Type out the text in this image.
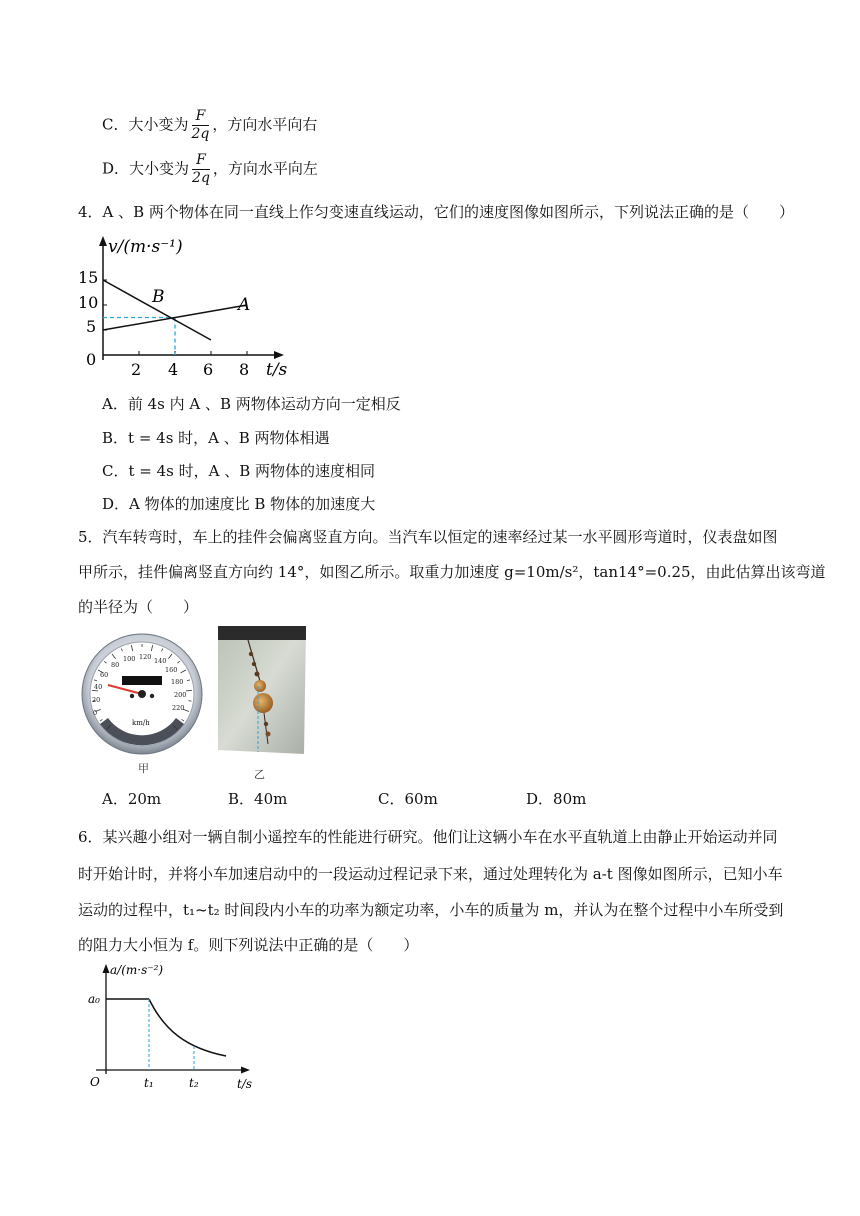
C．大小变为 $\frac{F}{2q}$ ，方向水平向右
D．大小变为 $\frac{F}{2q}$ ，方向水平向左
4．A 、B 两个物体在同一直线上作匀变速直线运动，它们的速度图像如图所示，下列说法正确的是（　　）
v/(m·s⁻¹)
t/s
0
15
10
5
2 4 6 8
B	A
A．前 4s 内 A 、B 两物体运动方向一定相反
B．t = 4s 时，A 、B 两物体相遇
C．t = 4s 时，A 、B 两物体的速度相同
D．A 物体的加速度比 B 物体的加速度大
5．汽车转弯时，车上的挂件会偏离竖直方向。当汽车以恒定的速率经过某一水平圆形弯道时，仪表盘如图
甲所示，挂件偏离竖直方向约 14°，如图乙所示。取重力加速度 g=10m/s²，tan14°=0.25，由此估算出该弯道
的半径为（　　）
km/h
0
20
40
60
80
100 120 140
160
180
200
220
甲	乙
A．20m	B．40m	C．60m	D．80m
6．某兴趣小组对一辆自制小遥控车的性能进行研究。他们让这辆小车在水平直轨道上由静止开始运动并同
时开始计时，并将小车加速启动中的一段运动过程记录下来，通过处理转化为 a-t 图像如图所示，已知小车
运动的过程中，t₁~t₂ 时间段内小车的功率为额定功率，小车的质量为 m，并认为在整个过程中小车所受到
的阻力大小恒为 f。则下列说法中正确的是（　　）
a/(m·s⁻²)
t/s
O
a₀
t₁	t₂
